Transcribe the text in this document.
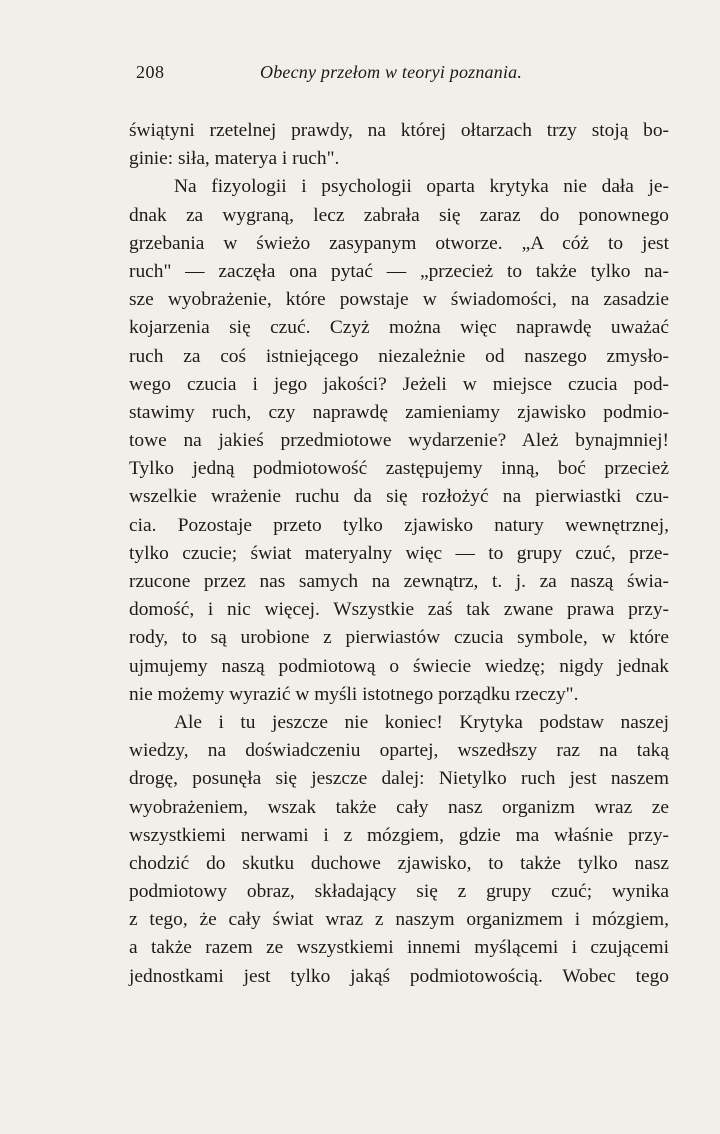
208	Obecny przełom w teoryi poznania.
świątyni rzetelnej prawdy, na której ołtarzach trzy stoją bo-
ginie: siła, materya i ruch".
Na fizyologii i psychologii oparta krytyka nie dała je-
dnak za wygraną, lecz zabrała się zaraz do ponownego
grzebania w świeżo zasypanym otworze. „A cóż to jest
ruch" — zaczęła ona pytać — „przecież to także tylko na-
sze wyobrażenie, które powstaje w świadomości, na zasadzie
kojarzenia się czuć. Czyż można więc naprawdę uważać
ruch za coś istniejącego niezależnie od naszego zmysło-
wego czucia i jego jakości? Jeżeli w miejsce czucia pod-
stawimy ruch, czy naprawdę zamieniamy zjawisko podmio-
towe na jakieś przedmiotowe wydarzenie? Ależ bynajmniej!
Tylko jedną podmiotowość zastępujemy inną, boć przecież
wszelkie wrażenie ruchu da się rozłożyć na pierwiastki czu-
cia. Pozostaje przeto tylko zjawisko natury wewnętrznej,
tylko czucie; świat materyalny więc — to grupy czuć, prze-
rzucone przez nas samych na zewnątrz, t. j. za naszą świa-
domość, i nic więcej. Wszystkie zaś tak zwane prawa przy-
rody, to są urobione z pierwiastów czucia symbole, w które
ujmujemy naszą podmiotową o świecie wiedzę; nigdy jednak
nie możemy wyrazić w myśli istotnego porządku rzeczy".
Ale i tu jeszcze nie koniec! Krytyka podstaw naszej
wiedzy, na doświadczeniu opartej, wszedłszy raz na taką
drogę, posunęła się jeszcze dalej: Nietylko ruch jest naszem
wyobrażeniem, wszak także cały nasz organizm wraz ze
wszystkiemi nerwami i z mózgiem, gdzie ma właśnie przy-
chodzić do skutku duchowe zjawisko, to także tylko nasz
podmiotowy obraz, składający się z grupy czuć; wynika
z tego, że cały świat wraz z naszym organizmem i mózgiem,
a także razem ze wszystkiemi innemi myślącemi i czującemi
jednostkami jest tylko jakąś podmiotowością. Wobec tego
